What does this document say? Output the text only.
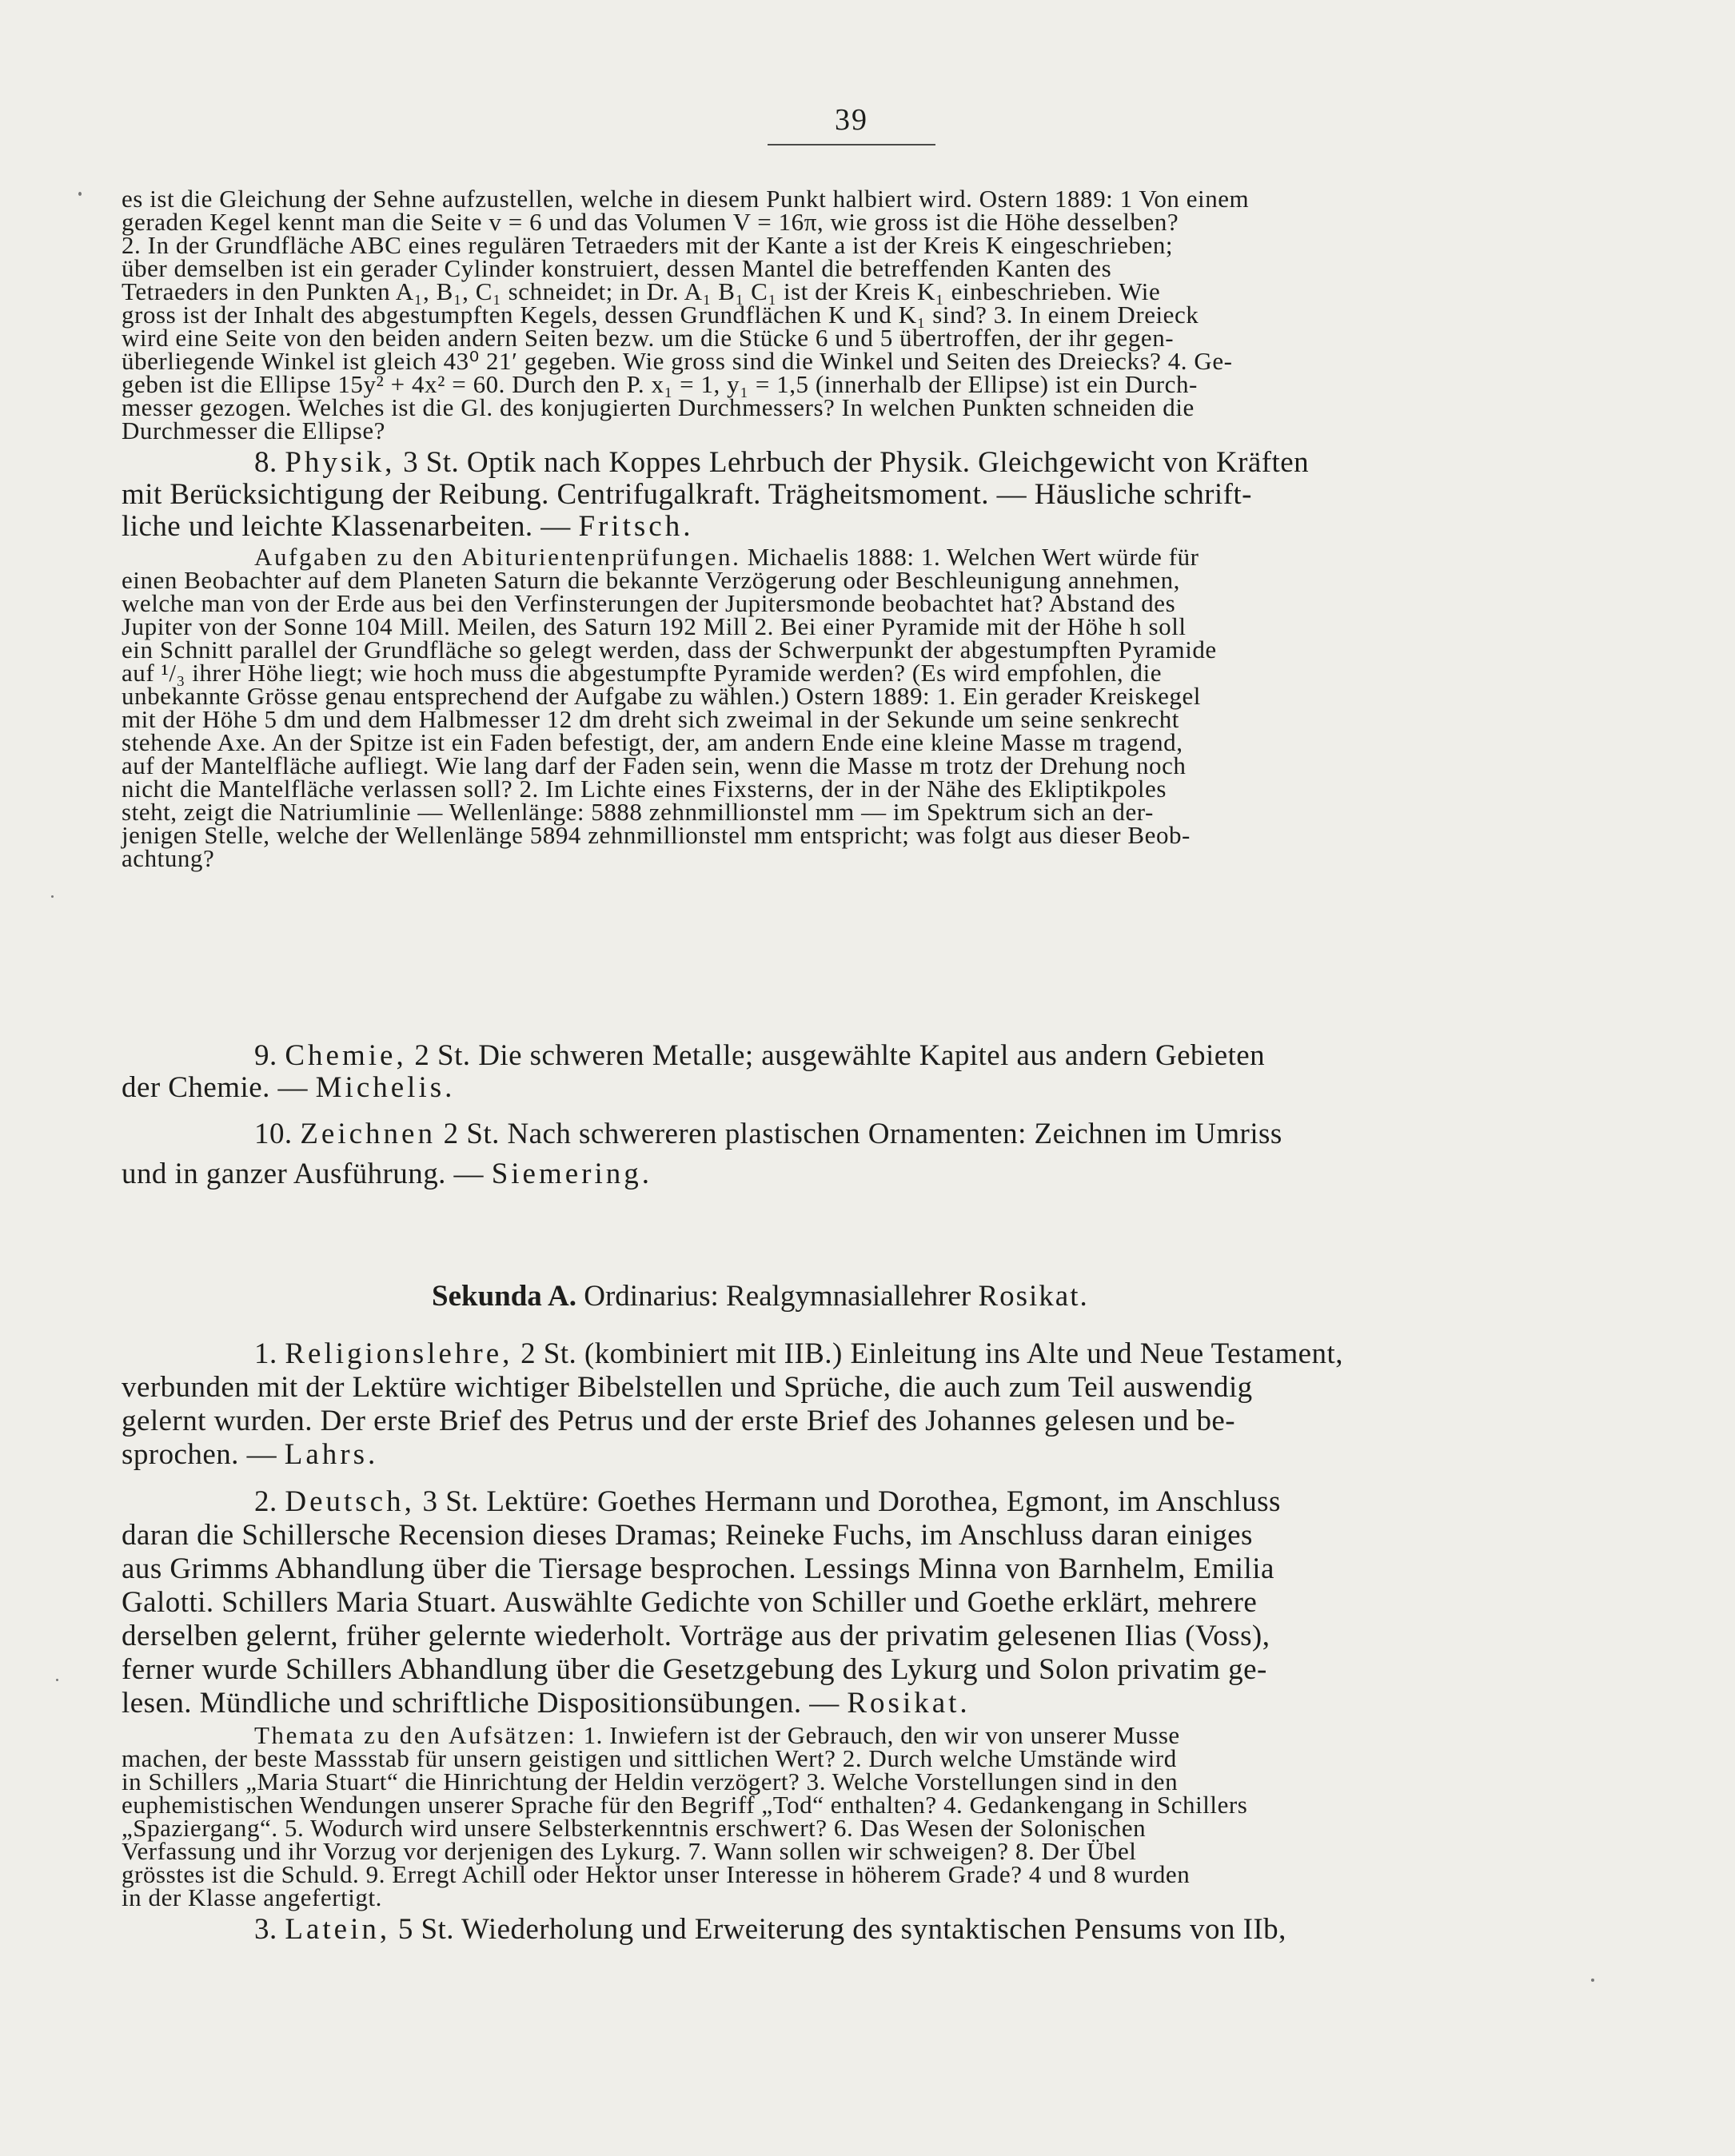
39
es ist die Gleichung der Sehne aufzustellen, welche in diesem Punkt halbiert wird. Ostern 1889: 1 Von einem
geraden Kegel kennt man die Seite v = 6 und das Volumen V = 16π, wie gross ist die Höhe desselben?
2. In der Grundfläche ABC eines regulären Tetraeders mit der Kante a ist der Kreis K eingeschrieben;
über demselben ist ein gerader Cylinder konstruiert, dessen Mantel die betreffenden Kanten des
Tetraeders in den Punkten A₁, B₁, C₁ schneidet; in Dr. A₁ B₁ C₁ ist der Kreis K₁ einbeschrieben. Wie
gross ist der Inhalt des abgestumpften Kegels, dessen Grundflächen K und K₁ sind? 3. In einem Dreieck
wird eine Seite von den beiden andern Seiten bezw. um die Stücke 6 und 5 übertroffen, der ihr gegen-
überliegende Winkel ist gleich 43⁰ 21′ gegeben. Wie gross sind die Winkel und Seiten des Dreiecks? 4. Ge-
geben ist die Ellipse 15y² + 4x² = 60. Durch den P. x₁ = 1, y₁ = 1,5 (innerhalb der Ellipse) ist ein Durch-
messer gezogen. Welches ist die Gl. des konjugierten Durchmessers? In welchen Punkten schneiden die
Durchmesser die Ellipse?
8. Physik, 3 St. Optik nach Koppes Lehrbuch der Physik. Gleichgewicht von Kräften
mit Berücksichtigung der Reibung. Centrifugalkraft. Trägheitsmoment. — Häusliche schrift-
liche und leichte Klassenarbeiten. — Fritsch.
Aufgaben zu den Abiturientenprüfungen. Michaelis 1888: 1. Welchen Wert würde für
einen Beobachter auf dem Planeten Saturn die bekannte Verzögerung oder Beschleunigung annehmen,
welche man von der Erde aus bei den Verfinsterungen der Jupitersmonde beobachtet hat? Abstand des
Jupiter von der Sonne 104 Mill. Meilen, des Saturn 192 Mill 2. Bei einer Pyramide mit der Höhe h soll
ein Schnitt parallel der Grundfläche so gelegt werden, dass der Schwerpunkt der abgestumpften Pyramide
auf ¹/₃ ihrer Höhe liegt; wie hoch muss die abgestumpfte Pyramide werden? (Es wird empfohlen, die
unbekannte Grösse genau entsprechend der Aufgabe zu wählen.) Ostern 1889: 1. Ein gerader Kreiskegel
mit der Höhe 5 dm und dem Halbmesser 12 dm dreht sich zweimal in der Sekunde um seine senkrecht
stehende Axe. An der Spitze ist ein Faden befestigt, der, am andern Ende eine kleine Masse m tragend,
auf der Mantelfläche aufliegt. Wie lang darf der Faden sein, wenn die Masse m trotz der Drehung noch
nicht die Mantelfläche verlassen soll? 2. Im Lichte eines Fixsterns, der in der Nähe des Ekliptikpoles
steht, zeigt die Natriumlinie — Wellenlänge: 5888 zehnmillionstel mm — im Spektrum sich an der-
jenigen Stelle, welche der Wellenlänge 5894 zehnmillionstel mm entspricht; was folgt aus dieser Beob-
achtung?
9. Chemie, 2 St. Die schweren Metalle; ausgewählte Kapitel aus andern Gebieten
der Chemie. — Michelis.
10. Zeichnen 2 St. Nach schwereren plastischen Ornamenten: Zeichnen im Umriss
und in ganzer Ausführung. — Siemering.
Sekunda A. Ordinarius: Realgymnasiallehrer Rosikat.
1. Religionslehre, 2 St. (kombiniert mit IIB.) Einleitung ins Alte und Neue Testament,
verbunden mit der Lektüre wichtiger Bibelstellen und Sprüche, die auch zum Teil auswendig
gelernt wurden. Der erste Brief des Petrus und der erste Brief des Johannes gelesen und be-
sprochen. — Lahrs.
2. Deutsch, 3 St. Lektüre: Goethes Hermann und Dorothea, Egmont, im Anschluss
daran die Schillersche Recension dieses Dramas; Reineke Fuchs, im Anschluss daran einiges
aus Grimms Abhandlung über die Tiersage besprochen. Lessings Minna von Barnhelm, Emilia
Galotti. Schillers Maria Stuart. Auswählte Gedichte von Schiller und Goethe erklärt, mehrere
derselben gelernt, früher gelernte wiederholt. Vorträge aus der privatim gelesenen Ilias (Voss),
ferner wurde Schillers Abhandlung über die Gesetzgebung des Lykurg und Solon privatim ge-
lesen. Mündliche und schriftliche Dispositionsübungen. — Rosikat.
Themata zu den Aufsätzen: 1. Inwiefern ist der Gebrauch, den wir von unserer Musse
machen, der beste Massstab für unsern geistigen und sittlichen Wert? 2. Durch welche Umstände wird
in Schillers „Maria Stuart“ die Hinrichtung der Heldin verzögert? 3. Welche Vorstellungen sind in den
euphemistischen Wendungen unserer Sprache für den Begriff „Tod“ enthalten? 4. Gedankengang in Schillers
„Spaziergang“. 5. Wodurch wird unsere Selbsterkenntnis erschwert? 6. Das Wesen der Solonischen
Verfassung und ihr Vorzug vor derjenigen des Lykurg. 7. Wann sollen wir schweigen? 8. Der Übel
grösstes ist die Schuld. 9. Erregt Achill oder Hektor unser Interesse in höherem Grade? 4 und 8 wurden
in der Klasse angefertigt.
3. Latein, 5 St. Wiederholung und Erweiterung des syntaktischen Pensums von IIb,
